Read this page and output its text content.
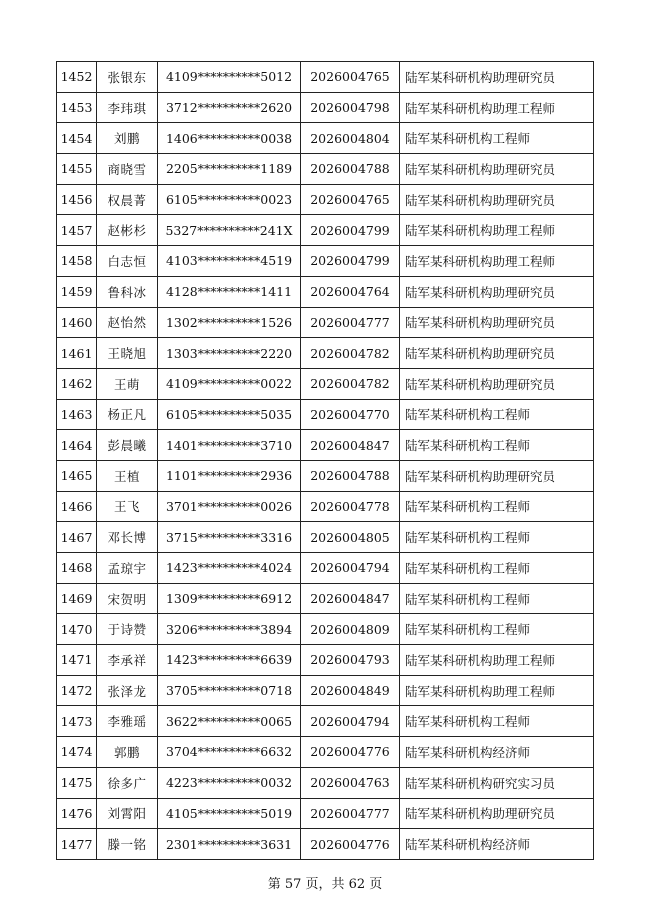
1452	张银东	4109**********5012	2026004765	陆军某科研机构助理研究员
1453	李玮琪	3712**********2620	2026004798	陆军某科研机构助理工程师
1454	刘鹏	1406**********0038	2026004804	陆军某科研机构工程师
1455	商晓雪	2205**********1189	2026004788	陆军某科研机构助理研究员
1456	权晨菁	6105**********0023	2026004765	陆军某科研机构助理研究员
1457	赵彬杉	5327**********241X	2026004799	陆军某科研机构助理工程师
1458	白志恒	4103**********4519	2026004799	陆军某科研机构助理工程师
1459	鲁科冰	4128**********1411	2026004764	陆军某科研机构助理研究员
1460	赵怡然	1302**********1526	2026004777	陆军某科研机构助理研究员
1461	王晓旭	1303**********2220	2026004782	陆军某科研机构助理研究员
1462	王萌	4109**********0022	2026004782	陆军某科研机构助理研究员
1463	杨正凡	6105**********5035	2026004770	陆军某科研机构工程师
1464	彭晨曦	1401**********3710	2026004847	陆军某科研机构工程师
1465	王植	1101**********2936	2026004788	陆军某科研机构助理研究员
1466	王飞	3701**********0026	2026004778	陆军某科研机构工程师
1467	邓长博	3715**********3316	2026004805	陆军某科研机构工程师
1468	孟琼宇	1423**********4024	2026004794	陆军某科研机构工程师
1469	宋贺明	1309**********6912	2026004847	陆军某科研机构工程师
1470	于诗赞	3206**********3894	2026004809	陆军某科研机构工程师
1471	李承祥	1423**********6639	2026004793	陆军某科研机构助理工程师
1472	张泽龙	3705**********0718	2026004849	陆军某科研机构助理工程师
1473	李雅瑶	3622**********0065	2026004794	陆军某科研机构工程师
1474	郭鹏	3704**********6632	2026004776	陆军某科研机构经济师
1475	徐多广	4223**********0032	2026004763	陆军某科研机构研究实习员
1476	刘霄阳	4105**********5019	2026004777	陆军某科研机构助理研究员
1477	滕一铭	2301**********3631	2026004776	陆军某科研机构经济师
第 57 页，共 62 页
